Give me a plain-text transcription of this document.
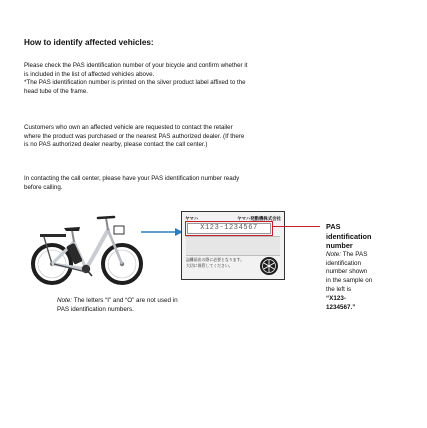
How to identify affected vehicles:

Please check the PAS identification number of your bicycle and confirm whether it

is included in the list of affected vehicles above.

*The PAS identification number is printed on the silver product label affixed to the

head tube of the frame.

Customers who own an affected vehicle are requested to contact the retailer

where the product was purchased or the nearest PAS authorized dealer. (If there

is no PAS authorized dealer nearby, please contact the call center.)

In contacting the call center, please have your PAS identification number ready

before calling.

ヤマハ	ヤマハ発動機株式会社
X123-1234567
盗難届出の際に必要となります。
大切に保管してください。
Note: The letters “I” and “O” are not used in
PAS identification numbers.
PAS
identification
number
Note: The PAS
identification
number shown
in the sample on
the left is
“X123-
1234567.”
